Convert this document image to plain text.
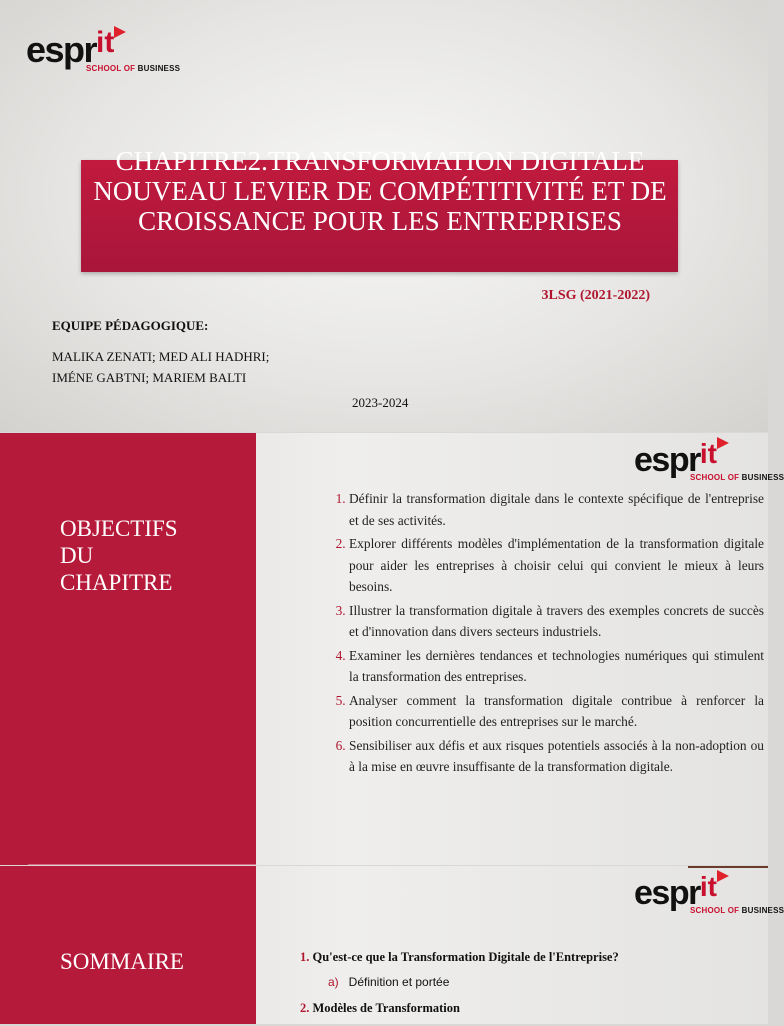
espr it
SCHOOL OF BUSINESS
CHAPITRE2.TRANSFORMATION DIGITALE NOUVEAU LEVIER DE COMPÉTITIVITÉ ET DE CROISSANCE POUR LES ENTREPRISES
3LSG (2021-2022)
EQUIPE PÉDAGOGIQUE:
MALIKA ZENATI; MED ALI HADHRI;
IMÉNE GABTNI; MARIEM BALTI
2023-2024
OBJECTIFS
DU
CHAPITRE
espr it
SCHOOL OF BUSINESS
1. Définir la transformation digitale dans le contexte spécifique de l'entreprise et de ses activités.
2. Explorer différents modèles d'implémentation de la transformation digitale pour aider les entreprises à choisir celui qui convient le mieux à leurs besoins.
3. Illustrer la transformation digitale à travers des exemples concrets de succès et d'innovation dans divers secteurs industriels.
4. Examiner les dernières tendances et technologies numériques qui stimulent la transformation des entreprises.
5. Analyser comment la transformation digitale contribue à renforcer la position concurrentielle des entreprises sur le marché.
6. Sensibiliser aux défis et aux risques potentiels associés à la non-adoption ou à la mise en œuvre insuffisante de la transformation digitale.
SOMMAIRE
espr it
SCHOOL OF BUSINESS
1. Qu'est-ce que la Transformation Digitale de l'Entreprise?
a) Définition et portée
2. Modèles de Transformation
